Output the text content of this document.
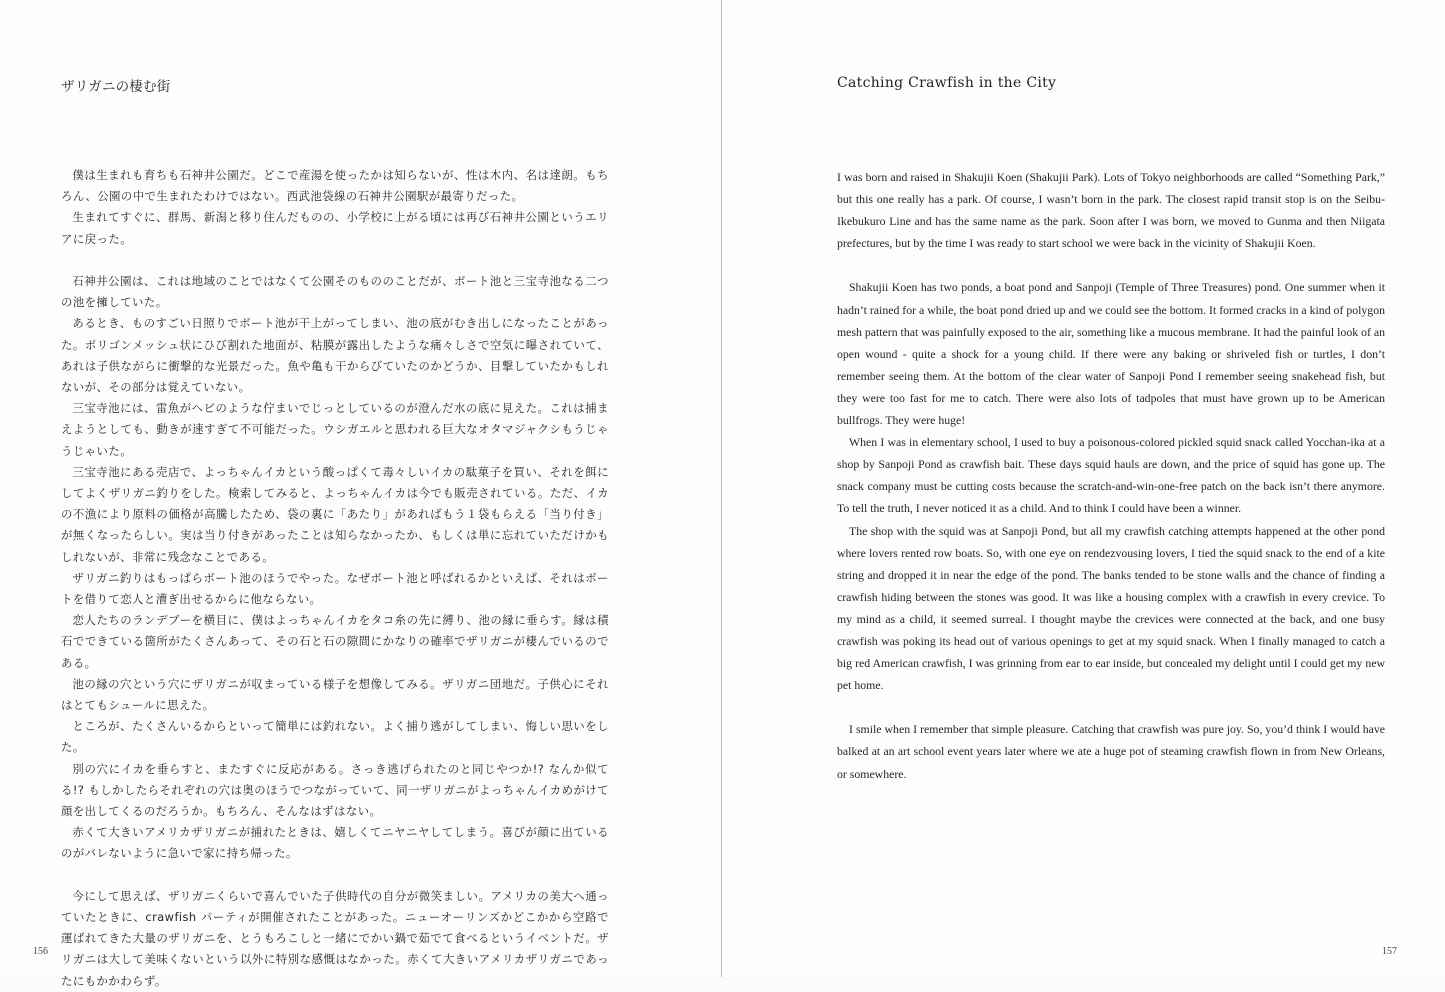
ザリガニの棲む街

僕は生まれも育ちも石神井公園だ。どこで産湯を使ったかは知らないが、性は木内、名は達朗。もちろん、公園の中で生まれたわけではない。西武池袋線の石神井公園駅が最寄りだった。

生まれてすぐに、群馬、新潟と移り住んだものの、小学校に上がる頃には再び石神井公園というエリアに戻った。

石神井公園は、これは地域のことではなくて公園そのもののことだが、ボート池と三宝寺池なる二つの池を擁していた。

あるとき、ものすごい日照りでボート池が干上がってしまい、池の底がむき出しになったことがあった。ポリゴンメッシュ状にひび割れた地面が、粘膜が露出したような痛々しさで空気に曝されていて、あれは子供ながらに衝撃的な光景だった。魚や亀も干からびていたのかどうか、目撃していたかもしれないが、その部分は覚えていない。

三宝寺池には、雷魚がヘビのような佇まいでじっとしているのが澄んだ水の底に見えた。これは捕まえようとしても、動きが速すぎて不可能だった。ウシガエルと思われる巨大なオタマジャクシもうじゃうじゃいた。

三宝寺池にある売店で、よっちゃんイカという酸っぱくて毒々しいイカの駄菓子を買い、それを餌にしてよくザリガニ釣りをした。検索してみると、よっちゃんイカは今でも販売されている。ただ、イカの不漁により原料の価格が高騰したため、袋の裏に「あたり」があればもう１袋もらえる「当り付き」が無くなったらしい。実は当り付きがあったことは知らなかったか、もしくは単に忘れていただけかもしれないが、非常に残念なことである。

ザリガニ釣りはもっぱらボート池のほうでやった。なぜボート池と呼ばれるかといえば、それはボートを借りて恋人と漕ぎ出せるからに他ならない。

恋人たちのランデブーを横目に、僕はよっちゃんイカをタコ糸の先に縛り、池の縁に垂らす。縁は積石でできている箇所がたくさんあって、その石と石の隙間にかなりの確率でザリガニが棲んでいるのである。

池の縁の穴という穴にザリガニが収まっている様子を想像してみる。ザリガニ団地だ。子供心にそれはとてもシュールに思えた。

ところが、たくさんいるからといって簡単には釣れない。よく捕り逃がしてしまい、悔しい思いをした。

別の穴にイカを垂らすと、またすぐに反応がある。さっき逃げられたのと同じやつか!? なんか似てる!? もしかしたらそれぞれの穴は奥のほうでつながっていて、同一ザリガニがよっちゃんイカめがけて顔を出してくるのだろうか。もちろん、そんなはずはない。

赤くて大きいアメリカザリガニが捕れたときは、嬉しくてニヤニヤしてしまう。喜びが顔に出ているのがバレないように急いで家に持ち帰った。

今にして思えば、ザリガニくらいで喜んでいた子供時代の自分が微笑ましい。アメリカの美大へ通っていたときに、crawfish パーティが開催されたことがあった。ニューオーリンズかどこかから空路で運ばれてきた大量のザリガニを、とうもろこしと一緒にでかい鍋で茹でて食べるというイベントだ。ザリガニは大して美味くないという以外に特別な感慨はなかった。赤くて大きいアメリカザリガニであったにもかかわらず。

156
Catching Crawfish in the City

I was born and raised in Shakujii Koen (Shakujii Park). Lots of Tokyo neighborhoods are called “Something Park,” but this one really has a park. Of course, I wasn’t born in the park. The closest rapid transit stop is on the Seibu-Ikebukuro Line and has the same name as the park. Soon after I was born, we moved to Gunma and then Niigata prefectures, but by the time I was ready to start school we were back in the vicinity of Shakujii Koen.

Shakujii Koen has two ponds, a boat pond and Sanpoji (Temple of Three Treasures) pond. One summer when it hadn’t rained for a while, the boat pond dried up and we could see the bottom. It formed cracks in a kind of polygon mesh pattern that was painfully exposed to the air, something like a mucous membrane. It had the painful look of an open wound - quite a shock for a young child. If there were any baking or shriveled fish or turtles, I don’t remember seeing them. At the bottom of the clear water of Sanpoji Pond I remember seeing snakehead fish, but they were too fast for me to catch. There were also lots of tadpoles that must have grown up to be American bullfrogs. They were huge!

When I was in elementary school, I used to buy a poisonous-colored pickled squid snack called Yocchan-ika at a shop by Sanpoji Pond as crawfish bait. These days squid hauls are down, and the price of squid has gone up. The snack company must be cutting costs because the scratch-and-win-one-free patch on the back isn’t there anymore. To tell the truth, I never noticed it as a child. And to think I could have been a winner.

The shop with the squid was at Sanpoji Pond, but all my crawfish catching attempts happened at the other pond where lovers rented row boats. So, with one eye on rendezvousing lovers, I tied the squid snack to the end of a kite string and dropped it in near the edge of the pond. The banks tended to be stone walls and the chance of finding a crawfish hiding between the stones was good. It was like a housing complex with a crawfish in every crevice. To my mind as a child, it seemed surreal. I thought maybe the crevices were connected at the back, and one busy crawfish was poking its head out of various openings to get at my squid snack. When I finally managed to catch a big red American crawfish, I was grinning from ear to ear inside, but concealed my delight until I could get my new pet home.

I smile when I remember that simple pleasure. Catching that crawfish was pure joy. So, you’d think I would have balked at an art school event years later where we ate a huge pot of steaming crawfish flown in from New Orleans, or somewhere.

157
